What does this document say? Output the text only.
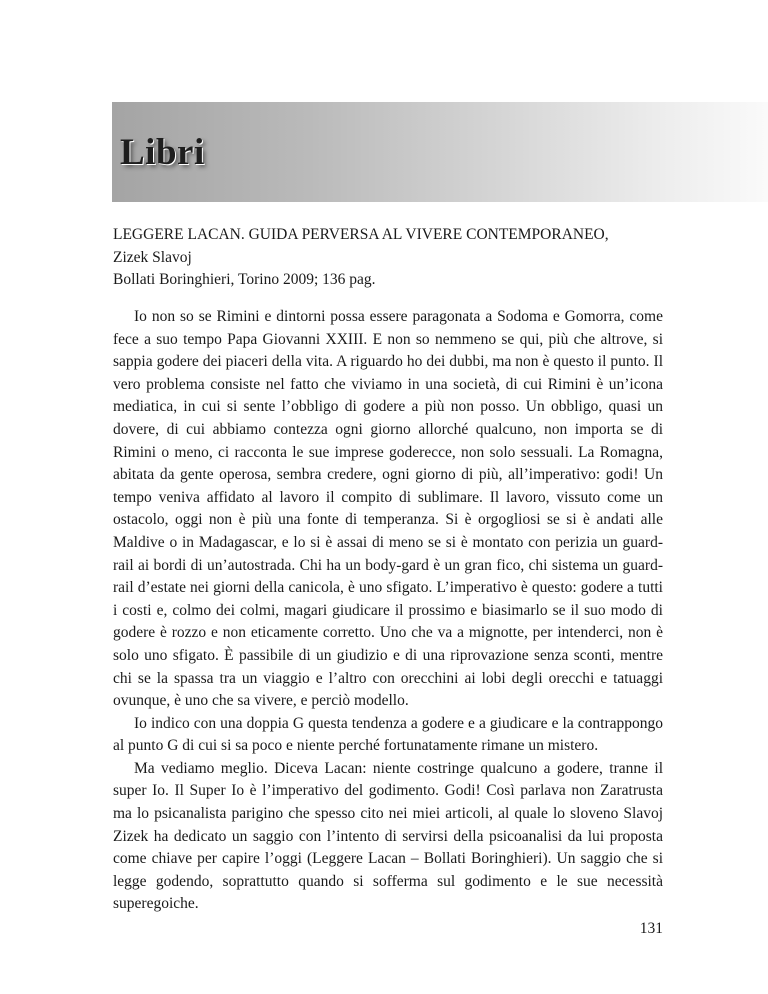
Libri
LEGGERE LACAN. GUIDA PERVERSA AL VIVERE CONTEMPORANEO,
Zizek Slavoj
Bollati Boringhieri, Torino 2009; 136 pag.

Io non so se Rimini e dintorni possa essere paragonata a Sodoma e Gomorra, come fece a suo tempo Papa Giovanni XXIII. E non so nemmeno se qui, più che altrove, si sappia godere dei piaceri della vita. A riguardo ho dei dubbi, ma non è questo il punto. Il vero problema consiste nel fatto che viviamo in una società, di cui Rimini è un’icona mediatica, in cui si sente l’obbligo di godere a più non posso. Un obbligo, quasi un dovere, di cui abbiamo contezza ogni giorno allorché qualcuno, non importa se di Rimini o meno, ci racconta le sue imprese goderecce, non solo sessuali. La Romagna, abitata da gente operosa, sembra credere, ogni giorno di più, all’imperativo: godi! Un tempo veniva affidato al lavoro il compito di sublimare. Il lavoro, vissuto come un ostacolo, oggi non è più una fonte di temperanza. Si è orgogliosi se si è andati alle Maldive o in Madagascar, e lo si è assai di meno se si è montato con perizia un guard-rail ai bordi di un’autostrada. Chi ha un body-gard è un gran fico, chi sistema un guard-rail d’estate nei giorni della canicola, è uno sfigato. L’imperativo è questo: godere a tutti i costi e, colmo dei colmi, magari giudicare il prossimo e biasimarlo se il suo modo di godere è rozzo e non eticamente corretto. Uno che va a mignotte, per intenderci, non è solo uno sfigato. È passibile di un giudizio e di una riprovazione senza sconti, mentre chi se la spassa tra un viaggio e l’altro con orecchini ai lobi degli orecchi e tatuaggi ovunque, è uno che sa vivere, e perciò modello.

Io indico con una doppia G questa tendenza a godere e a giudicare e la contrappongo al punto G di cui si sa poco e niente perché fortunatamente rimane un mistero.

Ma vediamo meglio. Diceva Lacan: niente costringe qualcuno a godere, tranne il super Io. Il Super Io è l’imperativo del godimento. Godi! Così parlava non Zaratrusta ma lo psicanalista parigino che spesso cito nei miei articoli, al quale lo sloveno Slavoj Zizek ha dedicato un saggio con l’intento di servirsi della psicoanalisi da lui proposta come chiave per capire l’oggi (Leggere Lacan – Bollati Boringhieri). Un saggio che si legge godendo, soprattutto quando si sofferma sul godimento e le sue necessità superegoiche.

131
